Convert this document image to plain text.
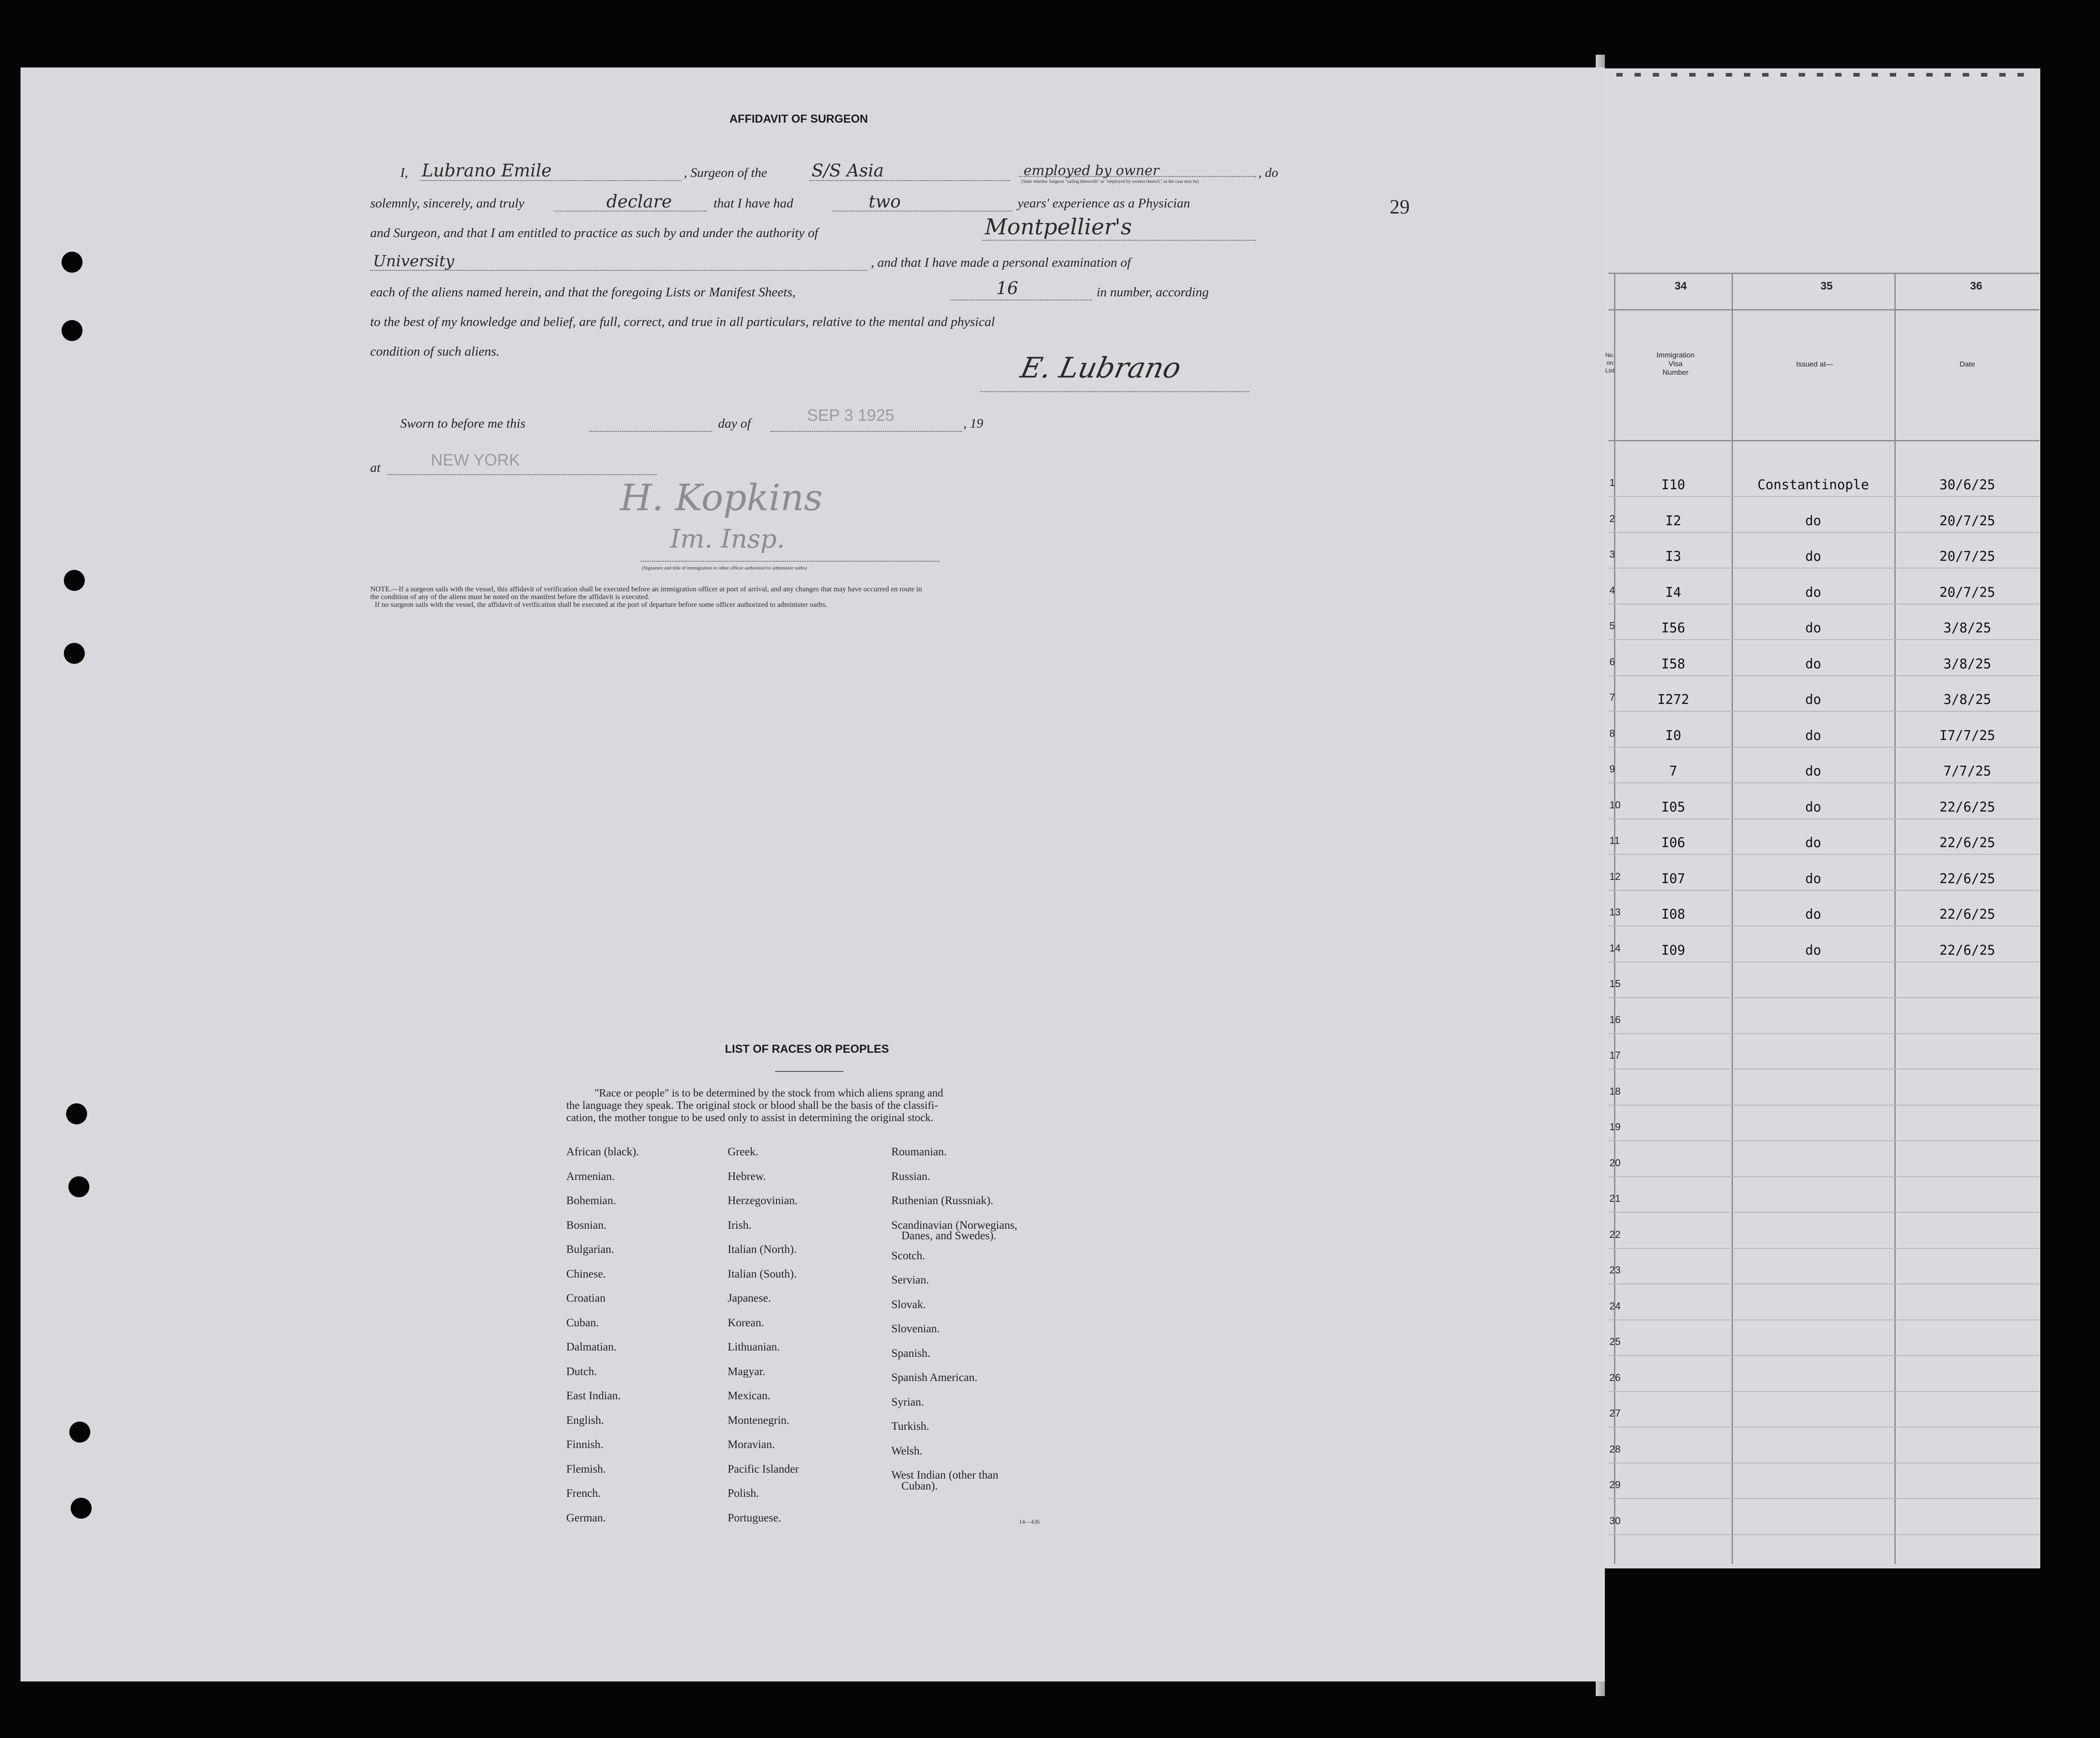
34	35	36
No.
on
List
Immigration
Visa
Number
Issued at—	Date
1	I10	Constantinople	30/6/25
2	I2	do	20/7/25
3	I3	do	20/7/25
4	I4	do	20/7/25
5	I56	do	3/8/25
6	I58	do	3/8/25
7	I272	do	3/8/25
8	I0	do	I7/7/25
9	7	do	7/7/25
10	I05	do	22/6/25
11	I06	do	22/6/25
12	I07	do	22/6/25
13	I08	do	22/6/25
14	I09	do	22/6/25
15
16
17
18
19
20
21
22
23
24
25
26
27
28
29
30
AFFIDAVIT OF SURGEON
29
I, Lubrano Emile	, Surgeon of the	S/S Asia	employed by owner	, do
(State whether Surgeon "sailing therewith" or "employed by owners thereof," as the case may be)
solemnly, sincerely, and truly	declare	that I have had	two	years' experience as a Physician
and Surgeon, and that I am entitled to practice as such by and under the authority of	Montpellier's
University	, and that I have made a personal examination of
each of the aliens named herein, and that the foregoing Lists or Manifest Sheets,	16	in number, according
to the best of my knowledge and belief, are full, correct, and true in all particulars, relative to the mental and physical
condition of such aliens.	E. Lubrano
Sworn to before me this	day of	SEP 3 1925	, 19
at	NEW YORK
H. Kopkins
Im. Insp.
(Signature and title of immigration or other officer authorized to administer oaths)
NOTE.—If a surgeon sails with the vessel, this affidavit of verification shall be executed before an immigration officer at port of arrival, and any changes that may have occurred en route in
the condition of any of the aliens must be noted on the manifest before the affidavit is executed.
If no surgeon sails with the vessel, the affidavit of verification shall be executed at the port of departure before some officer authorized to administer oaths.
LIST OF RACES OR PEOPLES
"Race or people" is to be determined by the stock from which aliens sprang and
the language they speak. The original stock or blood shall be the basis of the classifi-
cation, the mother tongue to be used only to assist in determining the original stock.
African (black).
Armenian.
Bohemian.
Bosnian.
Bulgarian.
Chinese.
Croatian
Cuban.
Dalmatian.
Dutch.
East Indian.
English.
Finnish.
Flemish.
French.
German.
Greek.
Hebrew.
Herzegovinian.
Irish.
Italian (North).
Italian (South).
Japanese.
Korean.
Lithuanian.
Magyar.
Mexican.
Montenegrin.
Moravian.
Pacific Islander
Polish.
Portuguese.
Roumanian.
Russian.
Ruthenian (Russniak).
Scandinavian (Norwegians,
Danes, and Swedes).
Scotch.
Servian.
Slovak.
Slovenian.
Spanish.
Spanish American.
Syrian.
Turkish.
Welsh.
West Indian (other than
Cuban).
14—436
